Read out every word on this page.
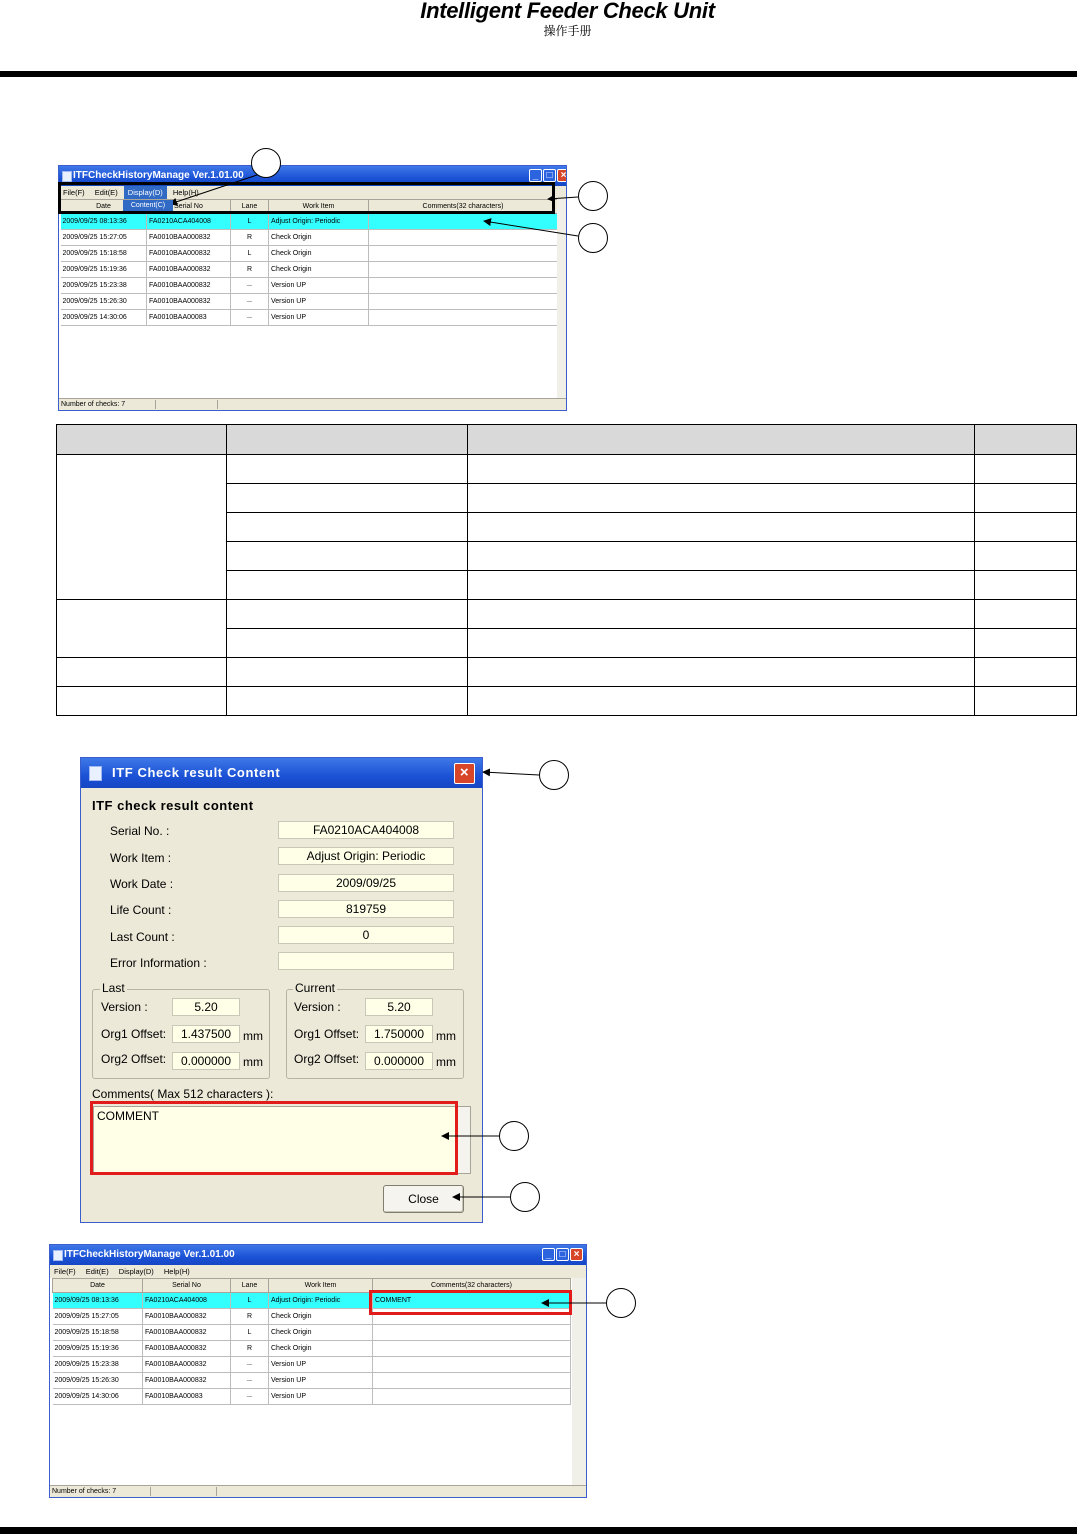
Intelligent Feeder Check Unit
操作手册
ITFCheckHistoryManage Ver.1.01.00	_ □ ×
File(F) Edit(E) Display(D) Help(H)
Content(C)
Date	Serial No	Lane	Work Item	Comments(32 characters)
2009/09/25 08:13:36	FA0210ACA404008	L	Adjust Origin: Periodic	
2009/09/25 15:27:05	FA0010BAA000832	R	Check Origin	
2009/09/25 15:18:58	FA0010BAA000832	L	Check Origin	
2009/09/25 15:19:36	FA0010BAA000832	R	Check Origin	
2009/09/25 15:23:38	FA0010BAA000832	－	Version UP	
2009/09/25 15:26:30	FA0010BAA000832	－	Version UP	
2009/09/25 14:30:06	FA0010BAA00083	－	Version UP	
Number of checks: 7

ITF Check result Content	×
ITF check result content
Serial No. :	FA0210ACA404008
Work Item :	Adjust Origin: Periodic
Work Date :	2009/09/25
Life Count :	819759
Last Count :	0
Error Information :
Last
Version :	5.20
Org1 Offset:	1.437500 mm
Org2 Offset:	0.000000 mm
Current
Version :	5.20
Org1 Offset:	1.750000 mm
Org2 Offset:	0.000000 mm
Comments( Max 512 characters ):
COMMENT
Close
ITFCheckHistoryManage Ver.1.01.00	_ □ ×
File(F) Edit(E) Display(D) Help(H)
Date	Serial No	Lane	Work Item	Comments(32 characters)
2009/09/25 08:13:36	FA0210ACA404008	L	Adjust Origin: Periodic	COMMENT
2009/09/25 15:27:05	FA0010BAA000832	R	Check Origin	
2009/09/25 15:18:58	FA0010BAA000832	L	Check Origin	
2009/09/25 15:19:36	FA0010BAA000832	R	Check Origin	
2009/09/25 15:23:38	FA0010BAA000832	－	Version UP	
2009/09/25 15:26:30	FA0010BAA000832	－	Version UP	
2009/09/25 14:30:06	FA0010BAA00083	－	Version UP	
Number of checks: 7
